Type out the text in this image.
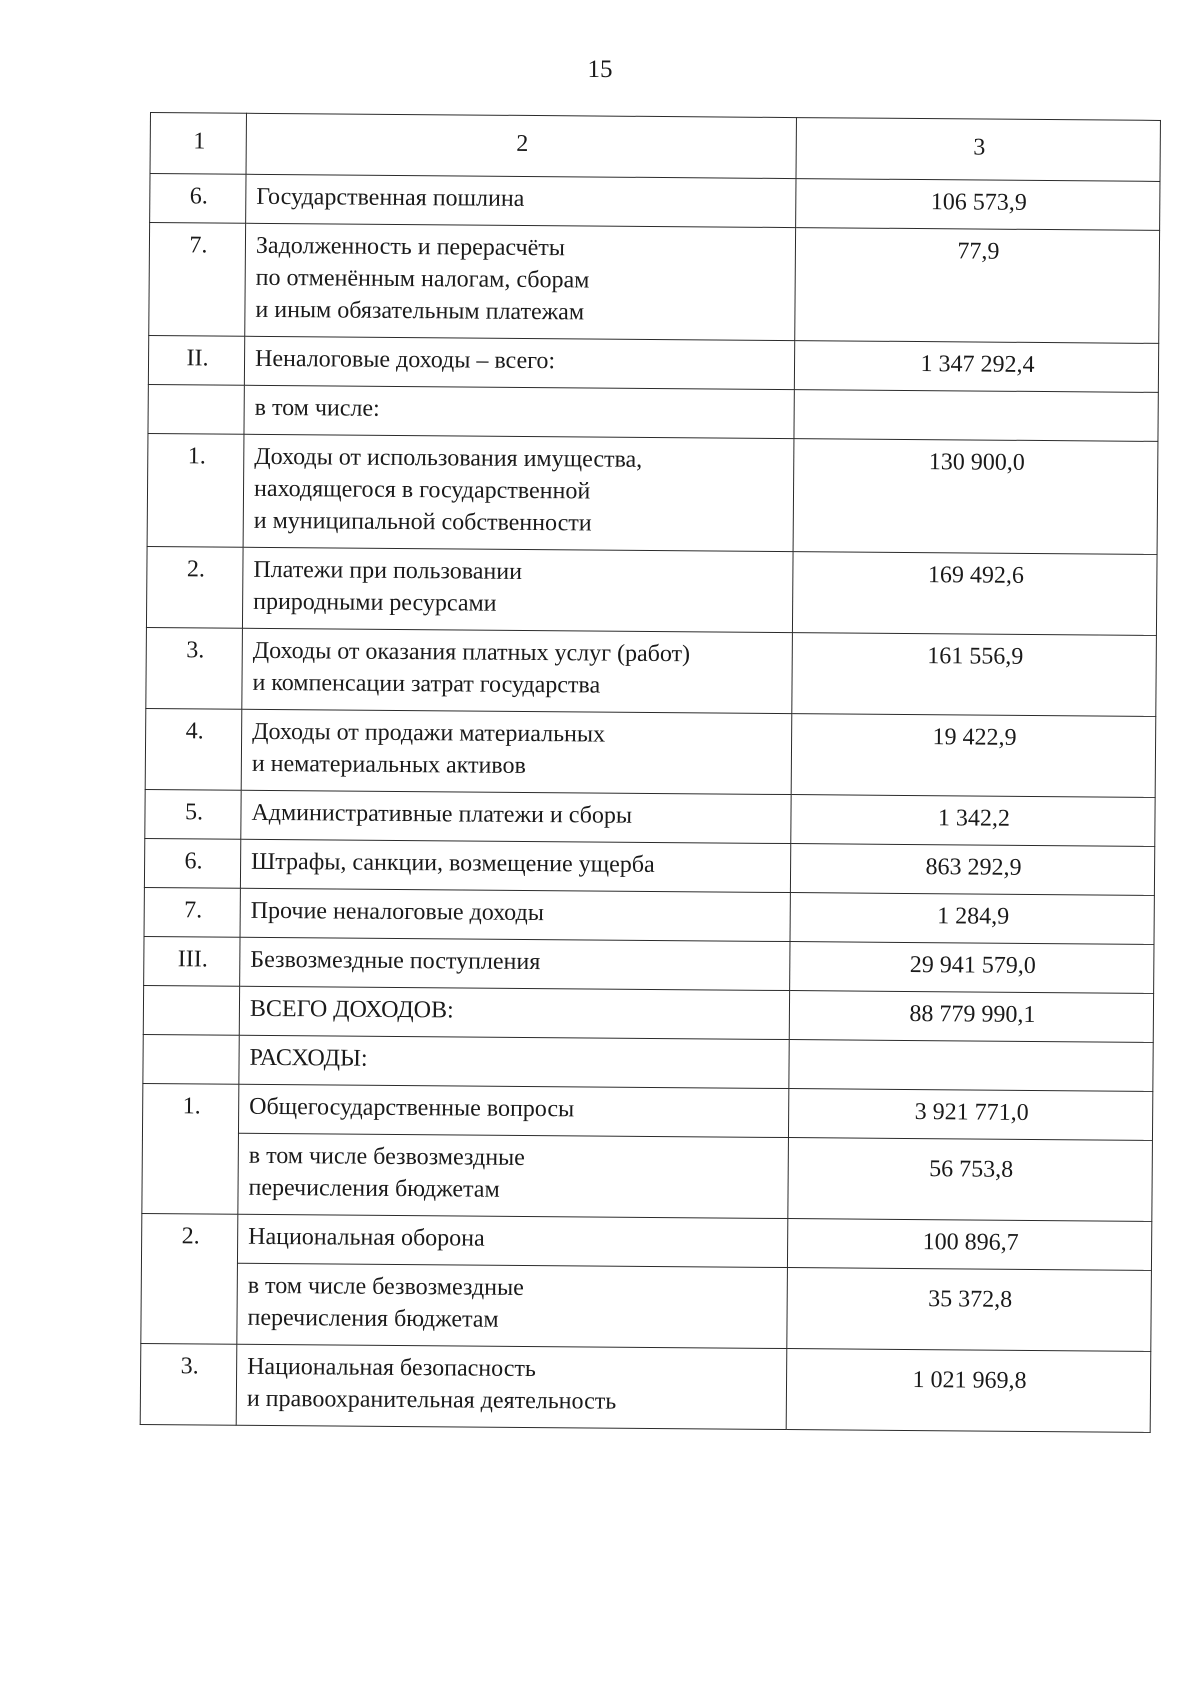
15
1	2	3
6.	Государственная пошлина	106 573,9
7.	Задолженность и перерасчёты
по отменённым налогам, сборам
и иным обязательным платежам	77,9
II.	Неналоговые доходы – всего:	1 347 292,4
	в том числе:	
1.	Доходы от использования имущества,
находящегося в государственной
и муниципальной собственности	130 900,0
2.	Платежи при пользовании
природными ресурсами	169 492,6
3.	Доходы от оказания платных услуг (работ)
и компенсации затрат государства	161 556,9
4.	Доходы от продажи материальных
и нематериальных активов	19 422,9
5.	Административные платежи и сборы	1 342,2
6.	Штрафы, санкции, возмещение ущерба	863 292,9
7.	Прочие неналоговые доходы	1 284,9
III.	Безвозмездные поступления	29 941 579,0
	ВСЕГО ДОХОДОВ:	88 779 990,1
	РАСХОДЫ:	
1.	Общегосударственные вопросы	3 921 771,0
	в том числе безвозмездные
перечисления бюджетам	56 753,8
2.	Национальная оборона	100 896,7
	в том числе безвозмездные
перечисления бюджетам	35 372,8
3.	Национальная безопасность
и правоохранительная деятельность	1 021 969,8
